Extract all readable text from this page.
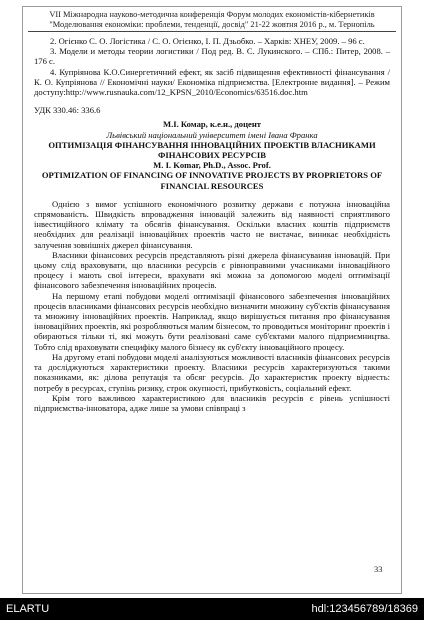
VII Міжнародна науково-методична конференція Форум молодих економістів-кібернетиків
"Моделювання економіки: проблеми, тенденції, досвід" 21-22 жовтня 2016 р., м. Тернопіль

2. Огієнко С. О. Логістика / С. О. Огієнко, І. П. Дзьобко. – Харків: ХНЕУ, 2009. – 96 с.

3. Модели и методы теории логистики / Под ред. В. С. Лукинского. – СПб.: Питер, 2008. – 176 с.

4. Купріянова К.О.Синергетичний ефект, як засіб підвищення ефективності фінансування / К. О. Купріянова // Економічні науки/ Економіка підприємства. [Електронне видання]. – Режим доступу:http://www.rusnauka.com/12_KPSN_2010/Economics/63516.doc.htm

УДК 330.46: 336.6

М.І. Комар, к.е.н., доцент

Львівський національний університет імені Івана Франка

ОПТИМІЗАЦІЯ ФІНАНСУВАННЯ ІННОВАЦІЙНИХ ПРОЕКТІВ ВЛАСНИКАМИ ФІНАНСОВИХ РЕСУРСІВ

M. I. Komar, Ph.D., Assoc. Prof.

OPTIMIZATION OF FINANCING OF INNOVATIVE PROJECTS BY PROPRIETORS OF FINANCIAL RESOURCES

Однією з вимог успішного економічного розвитку держави є потужна інноваційна спрямованість. Швидкість впровадження інновацій залежить від наявності сприятливого інвестиційного клімату та обсягів фінансування. Оскільки власних коштів підприємств необхідних для реалізації інноваційних проектів часто не вистачає, виникає необхідність залучення зовнішніх джерел фінансування.

Власники фінансових ресурсів представляють різні джерела фінансування інновацій. При цьому слід враховувати, що власники ресурсів є рівноправними учасниками інноваційного процесу і мають свої інтереси, врахувати які можна за допомогою моделі оптимізації фінансового забезпечення інноваційних процесів.

На першому етапі побудови моделі оптимізації фінансового забезпечення інноваційних процесів власниками фінансових ресурсів необхідно визначити множину суб'єктів фінансування та множину інноваційних проектів. Наприклад, якщо вирішується питання про фінансування інноваційних проектів, які розробляються малим бізнесом, то проводиться моніторинг проектів і обираються тільки ті, які можуть бути реалізовані саме суб'єктами малого підприємництва. Тобто слід враховувати специфіку малого бізнесу як суб'єкту інноваційного процесу.

На другому етапі побудови моделі аналізуються можливості власників фінансових ресурсів та досліджуються характеристики проекту. Власники ресурсів характеризуються такими показниками, як: ділова репутація та обсяг ресурсів. До характеристик проекту віднесть: потребу в ресурсах, ступінь ризику, строк окупності, прибутковість, соціальний ефект.

Крім того важливою характеристикою для власників ресурсів є рівень успішності підприємства-інноватора, адже лише за умови співпраці з

33
ELARTU	hdl:123456789/18369
